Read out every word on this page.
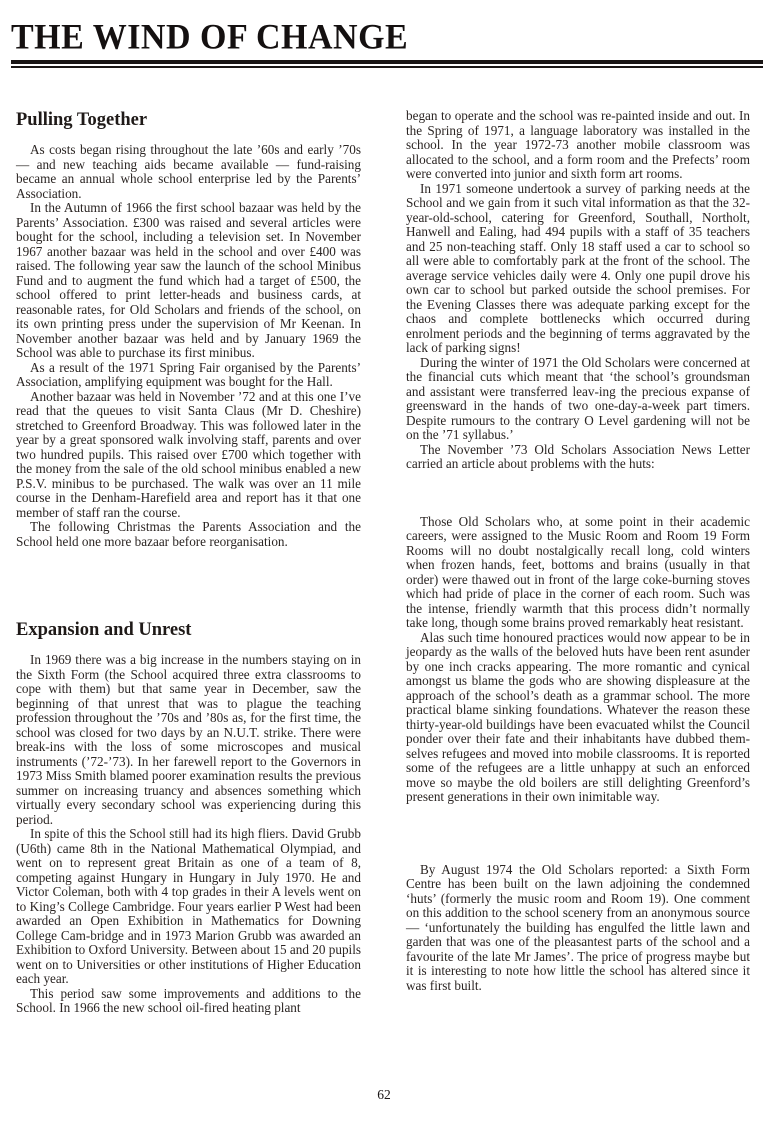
THE WIND OF CHANGE
Pulling Together

As costs began rising throughout the late ’60s and early ’70s — and new teaching aids became available — fund-raising became an annual whole school enterprise led by the Parents’ Association.

In the Autumn of 1966 the first school bazaar was held by the Parents’ Association. £300 was raised and several articles were bought for the school, including a television set. In November 1967 another bazaar was held in the school and over £400 was raised. The following year saw the launch of the school Minibus Fund and to augment the fund which had a target of £500, the school offered to print letter-heads and business cards, at reasonable rates, for Old Scholars and friends of the school, on its own printing press under the supervision of Mr Keenan. In November another bazaar was held and by January 1969 the School was able to purchase its first minibus.

As a result of the 1971 Spring Fair organised by the Parents’ Association, amplifying equipment was bought for the Hall.

Another bazaar was held in November ’72 and at this one I’ve read that the queues to visit Santa Claus (Mr D. Cheshire) stretched to Greenford Broadway. This was followed later in the year by a great sponsored walk involving staff, parents and over two hundred pupils. This raised over £700 which together with the money from the sale of the old school minibus enabled a new P.S.V. minibus to be purchased. The walk was over an 11 mile course in the Denham-Harefield area and report has it that one member of staff ran the course.

The following Christmas the Parents Association and the School held one more bazaar before reorganisation.

Expansion and Unrest

In 1969 there was a big increase in the numbers staying on in the Sixth Form (the School acquired three extra classrooms to cope with them) but that same year in December, saw the beginning of that unrest that was to plague the teaching profession throughout the ’70s and ’80s as, for the first time, the school was closed for two days by an N.U.T. strike. There were break-ins with the loss of some microscopes and musical instruments (’72-’73). In her farewell report to the Governors in 1973 Miss Smith blamed poorer examination results the previous summer on increasing truancy and absences something which virtually every secondary school was experiencing during this period.

In spite of this the School still had its high fliers. David Grubb (U6th) came 8th in the National Mathematical Olympiad, and went on to represent great Britain as one of a team of 8, competing against Hungary in Hungary in July 1970. He and Victor Coleman, both with 4 top grades in their A levels went on to King’s College Cambridge. Four years earlier P West had been awarded an Open Exhibition in Mathematics for Downing College Cam-bridge and in 1973 Marion Grubb was awarded an Exhibition to Oxford University. Between about 15 and 20 pupils went on to Universities or other institutions of Higher Education each year.

This period saw some improvements and additions to the School. In 1966 the new school oil-fired heating plant

began to operate and the school was re-painted inside and out. In the Spring of 1971, a language laboratory was installed in the school. In the year 1972-73 another mobile classroom was allocated to the school, and a form room and the Prefects’ room were converted into junior and sixth form art rooms.

In 1971 someone undertook a survey of parking needs at the School and we gain from it such vital information as that the 32-year-old-school, catering for Greenford, Southall, Northolt, Hanwell and Ealing, had 494 pupils with a staff of 35 teachers and 25 non-teaching staff. Only 18 staff used a car to school so all were able to comfortably park at the front of the school. The average service vehicles daily were 4. Only one pupil drove his own car to school but parked outside the school premises. For the Evening Classes there was adequate parking except for the chaos and complete bottlenecks which occurred during enrolment periods and the beginning of terms aggravated by the lack of parking signs!

During the winter of 1971 the Old Scholars were concerned at the financial cuts which meant that ‘the school’s groundsman and assistant were transferred leav-ing the precious expanse of greensward in the hands of two one-day-a-week part timers. Despite rumours to the contrary O Level gardening will not be on the ’71 syllabus.’

The November ’73 Old Scholars Association News Letter carried an article about problems with the huts:

Those Old Scholars who, at some point in their academic careers, were assigned to the Music Room and Room 19 Form Rooms will no doubt nostalgically recall long, cold winters when frozen hands, feet, bottoms and brains (usually in that order) were thawed out in front of the large coke-burning stoves which had pride of place in the corner of each room. Such was the intense, friendly warmth that this process didn’t normally take long, though some brains proved remarkably heat resistant.

Alas such time honoured practices would now appear to be in jeopardy as the walls of the beloved huts have been rent asunder by one inch cracks appearing. The more romantic and cynical amongst us blame the gods who are showing displeasure at the approach of the school’s death as a grammar school. The more practical blame sinking foundations. Whatever the reason these thirty-year-old buildings have been evacuated whilst the Council ponder over their fate and their inhabitants have dubbed them-selves refugees and moved into mobile classrooms. It is reported some of the refugees are a little unhappy at such an enforced move so maybe the old boilers are still delighting Greenford’s present generations in their own inimitable way.

By August 1974 the Old Scholars reported: a Sixth Form Centre has been built on the lawn adjoining the condemned ‘huts’ (formerly the music room and Room 19). One comment on this addition to the school scenery from an anonymous source — ‘unfortunately the building has engulfed the little lawn and garden that was one of the pleasantest parts of the school and a favourite of the late Mr James’. The price of progress maybe but it is interesting to note how little the school has altered since it was first built.

62
